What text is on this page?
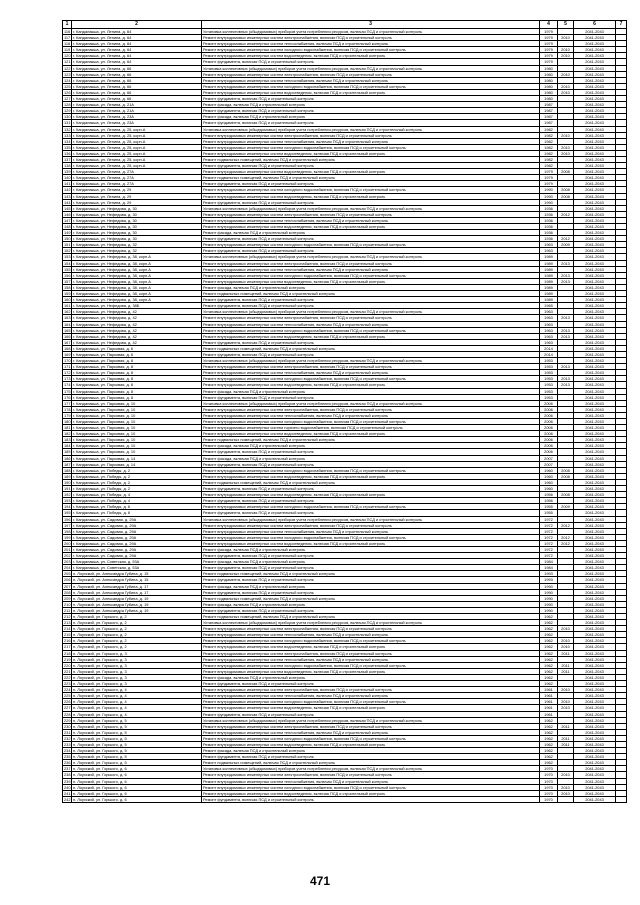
1	2	3	4	5	6	7
116	г. Кандалакша, ул. Ленина, д. 64	Установка коллективных (общедомовых) приборов учета потребления ресурсов, включая ПСД и строительный контроль	1979		2041-2043	
117	г. Кандалакша, ул. Ленина, д. 64	Ремонт внутридомовых инженерных систем электроснабжения, включая ПСД и строительный контроль	1979	2010	2041-2043	
118	г. Кандалакша, ул. Ленина, д. 64	Ремонт внутридомовых инженерных систем теплоснабжения, включая ПСД и строительный контроль	1979		2041-2043	
119	г. Кандалакша, ул. Ленина, д. 64	Ремонт внутридомовых инженерных систем холодного водоснабжения, включая ПСД и строительный контроль	1979	2010	2041-2043	
120	г. Кандалакша, ул. Ленина, д. 64	Ремонт внутридомовых инженерных систем водоотведения, включая ПСД и строительный контроль	1979	2010	2041-2043	
121	г. Кандалакша, ул. Ленина, д. 64	Ремонт фундамента, включая ПСД и строительный контроль	1979		2041-2043	
122	г. Кандалакша, ул. Ленина, д. 66	Установка коллективных (общедомовых) приборов учета потребления ресурсов, включая ПСД и строительный контроль	1980		2041-2043	
123	г. Кандалакша, ул. Ленина, д. 66	Ремонт внутридомовых инженерных систем электроснабжения, включая ПСД и строительный контроль	1980	2010	2041-2043	
124	г. Кандалакша, ул. Ленина, д. 66	Ремонт внутридомовых инженерных систем теплоснабжения, включая ПСД и строительный контроль	1980		2041-2043	
125	г. Кандалакша, ул. Ленина, д. 66	Ремонт внутридомовых инженерных систем холодного водоснабжения, включая ПСД и строительный контроль	1980	2010	2041-2043	
126	г. Кандалакша, ул. Ленина, д. 66	Ремонт внутридомовых инженерных систем водоотведения, включая ПСД и строительный контроль	1980	2010	2041-2043	
127	г. Кандалакша, ул. Ленина, д. 66	Ремонт фундамента, включая ПСД и строительный контроль	1980		2041-2043	
128	г. Кандалакша, ул. Ленина, д. 21А	Ремонт фасада, включая ПСД и строительный контроль	1987		2041-2043	
129	г. Кандалакша, ул. Ленина, д. 21А	Ремонт фундамента, включая ПСД и строительный контроль	1987		2041-2043	
130	г. Кандалакша, ул. Ленина, д. 23А	Ремонт фасада, включая ПСД и строительный контроль	1987		2041-2043	
131	г. Кандалакша, ул. Ленина, д. 23А	Ремонт фундамента, включая ПСД и строительный контроль	1987		2041-2043	
132	г. Кандалакша, ул. Ленина, д. 25, корп.А	Установка коллективных (общедомовых) приборов учета потребления ресурсов, включая ПСД и строительный контроль	1982		2041-2043	
133	г. Кандалакша, ул. Ленина, д. 25, корп.А	Ремонт внутридомовых инженерных систем электроснабжения, включая ПСД и строительный контроль	1982	2010	2041-2043	
134	г. Кандалакша, ул. Ленина, д. 25, корп.А	Ремонт внутридомовых инженерных систем теплоснабжения, включая ПСД и строительный контроль	1982		2041-2043	
135	г. Кандалакша, ул. Ленина, д. 25, корп.А	Ремонт внутридомовых инженерных систем холодного водоснабжения, включая ПСД и строительный контроль	1982	2010	2041-2043	
136	г. Кандалакша, ул. Ленина, д. 25, корп.А	Ремонт внутридомовых инженерных систем водоотведения, включая ПСД и строительный контроль	1982	2010	2041-2043	
137	г. Кандалакша, ул. Ленина, д. 25, корп.А	Ремонт подвальных помещений, включая ПСД и строительный контроль	1982		2041-2043	
138	г. Кандалакша, ул. Ленина, д. 25, корп.А	Ремонт фундамента, включая ПСД и строительный контроль	1982		2041-2043	
139	г. Кандалакша, ул. Ленина, д. 27А	Ремонт внутридомовых инженерных систем водоотведения, включая ПСД и строительный контроль	1979	2008	2041-2043	
140	г. Кандалакша, ул. Ленина, д. 27А	Ремонт подвальных помещений, включая ПСД и строительный контроль	1979		2041-2043	
141	г. Кандалакша, ул. Ленина, д. 27А	Ремонт фундамента, включая ПСД и строительный контроль	1979		2041-2043	
142	г. Кандалакша, ул. Ленина, д. 29	Ремонт внутридомовых инженерных систем холодного водоснабжения, включая ПСД и строительный контроль	1990	2008	2041-2043	
143	г. Кандалакша, ул. Ленина, д. 29	Ремонт внутридомовых инженерных систем водоотведения, включая ПСД и строительный контроль	1990	2008	2041-2043	
144	г. Кандалакша, ул. Ленина, д. 29	Ремонт фундамента, включая ПСД и строительный контроль	1990		2041-2043	
145	г. Кандалакша, ул. Нефедова, д. 30	Установка коллективных (общедомовых) приборов учета потребления ресурсов, включая ПСД и строительный контроль	1936		2041-2043	
146	г. Кандалакша, ул. Нефедова, д. 30	Ремонт внутридомовых инженерных систем электроснабжения, включая ПСД и строительный контроль	1936	2012	2041-2043	
147	г. Кандалакша, ул. Нефедова, д. 30	Ремонт внутридомовых инженерных систем теплоснабжения, включая ПСД и строительный контроль	1936		2041-2043	
148	г. Кандалакша, ул. Нефедова, д. 30	Ремонт внутридомовых инженерных систем водоотведения, включая ПСД и строительный контроль	1936		2041-2043	
149	г. Кандалакша, ул. Нефедова, д. 30	Ремонт фасада, включая ПСД и строительный контроль	1936		2041-2043	
150	г. Кандалакша, ул. Нефедова, д. 30	Ремонт фундамента, включая ПСД и строительный контроль	1936	2012	2041-2043	
151	г. Кандалакша, ул. Нефедова, д. 32	Ремонт внутридомовых инженерных систем холодного водоснабжения, включая ПСД и строительный контроль	1963	2009	2041-2043	
152	г. Кандалакша, ул. Нефедова, д. 32	Ремонт фундамента, включая ПСД и строительный контроль	1963		2041-2043	
153	г. Кандалакша, ул. Нефедова, д. 38, корп.А	Установка коллективных (общедомовых) приборов учета потребления ресурсов, включая ПСД и строительный контроль	1989		2041-2043	
154	г. Кандалакша, ул. Нефедова, д. 38, корп.А	Ремонт внутридомовых инженерных систем электроснабжения, включая ПСД и строительный контроль	1989	2013	2041-2043	
155	г. Кандалакша, ул. Нефедова, д. 38, корп.А	Ремонт внутридомовых инженерных систем теплоснабжения, включая ПСД и строительный контроль	1989		2041-2043	
156	г. Кандалакша, ул. Нефедова, д. 38, корп.А	Ремонт внутридомовых инженерных систем холодного водоснабжения, включая ПСД и строительный контроль	1989	2013	2041-2043	
157	г. Кандалакша, ул. Нефедова, д. 38, корп.А	Ремонт внутридомовых инженерных систем водоотведения, включая ПСД и строительный контроль	1989	2013	2041-2043	
158	г. Кандалакша, ул. Нефедова, д. 38, корп.А	Ремонт фасада, включая ПСД и строительный контроль	1989		2041-2043	
159	г. Кандалакша, ул. Нефедова, д. 38, корп.А	Ремонт подвальных помещений, включая ПСД и строительный контроль	1989		2041-2043	
160	г. Кандалакша, ул. Нефедова, д. 38, корп.А	Ремонт фундамента, включая ПСД и строительный контроль	1989		2041-2043	
161	г. Кандалакша, ул. Нефедова, д. 38Б	Ремонт фундамента, включая ПСД и строительный контроль	1965		2041-2043	
162	г. Кандалакша, ул. Нефедова, д. 42	Установка коллективных (общедомовых) приборов учета потребления ресурсов, включая ПСД и строительный контроль	1963		2041-2043	
163	г. Кандалакша, ул. Нефедова, д. 42	Ремонт внутридомовых инженерных систем электроснабжения, включая ПСД и строительный контроль	1963	2013	2041-2043	
164	г. Кандалакша, ул. Нефедова, д. 42	Ремонт внутридомовых инженерных систем теплоснабжения, включая ПСД и строительный контроль	1963		2041-2043	
165	г. Кандалакша, ул. Нефедова, д. 42	Ремонт внутридомовых инженерных систем холодного водоснабжения, включая ПСД и строительный контроль	1963	2013	2041-2043	
166	г. Кандалакша, ул. Нефедова, д. 42	Ремонт внутридомовых инженерных систем водоотведения, включая ПСД и строительный контроль	1963	2013	2041-2043	
167	г. Кандалакша, ул. Нефедова, д. 42	Ремонт фундамента, включая ПСД и строительный контроль	1963		2041-2043	
168	г. Кандалакша, ул. Парковая, д. 6	Ремонт подвальных помещений, включая ПСД и строительный контроль	2014		2041-2043	
169	г. Кандалакша, ул. Парковая, д. 6	Ремонт фундамента, включая ПСД и строительный контроль	2014		2041-2043	
170	г. Кандалакша, ул. Парковая, д. 8	Установка коллективных (общедомовых) приборов учета потребления ресурсов, включая ПСД и строительный контроль	1953		2041-2043	
171	г. Кандалакша, ул. Парковая, д. 8	Ремонт внутридомовых инженерных систем электроснабжения, включая ПСД и строительный контроль	1953	2013	2041-2043	
172	г. Кандалакша, ул. Парковая, д. 8	Ремонт внутридомовых инженерных систем теплоснабжения, включая ПСД и строительный контроль	1953		2041-2043	
173	г. Кандалакша, ул. Парковая, д. 8	Ремонт внутридомовых инженерных систем холодного водоснабжения, включая ПСД и строительный контроль	1953	2013	2041-2043	
174	г. Кандалакша, ул. Парковая, д. 8	Ремонт внутридомовых инженерных систем водоотведения, включая ПСД и строительный контроль	1953	2013	2041-2043	
175	г. Кандалакша, ул. Парковая, д. 8	Ремонт фасада, включая ПСД и строительный контроль	1953		2041-2043	
176	г. Кандалакша, ул. Парковая, д. 8	Ремонт фундамента, включая ПСД и строительный контроль	1953		2041-2043	
177	г. Кандалакша, ул. Парковая, д. 10	Установка коллективных (общедомовых) приборов учета потребления ресурсов, включая ПСД и строительный контроль	2006		2041-2043	
178	г. Кандалакша, ул. Парковая, д. 10	Ремонт внутридомовых инженерных систем электроснабжения, включая ПСД и строительный контроль	2006		2041-2043	
179	г. Кандалакша, ул. Парковая, д. 10	Ремонт внутридомовых инженерных систем теплоснабжения, включая ПСД и строительный контроль	2006		2041-2043	
180	г. Кандалакша, ул. Парковая, д. 10	Ремонт внутридомовых инженерных систем холодного водоснабжения, включая ПСД и строительный контроль	2006		2041-2043	
181	г. Кандалакша, ул. Парковая, д. 10	Ремонт внутридомовых инженерных систем горячего водоснабжения, включая ПСД и строительный контроль	2006		2041-2043	
182	г. Кандалакша, ул. Парковая, д. 10	Ремонт внутридомовых инженерных систем водоотведения, включая ПСД и строительный контроль	2006		2041-2043	
183	г. Кандалакша, ул. Парковая, д. 10	Ремонт подвальных помещений, включая ПСД и строительный контроль	2006		2041-2043	
184	г. Кандалакша, ул. Парковая, д. 10	Ремонт фасада, включая ПСД и строительный контроль	2006		2041-2043	
185	г. Кандалакша, ул. Парковая, д. 10	Ремонт фундамента, включая ПСД и строительный контроль	2006		2041-2043	
186	г. Кандалакша, ул. Парковая, д. 14	Ремонт фасада, включая ПСД и строительный контроль	2007		2041-2043	
187	г. Кандалакша, ул. Парковая, д. 14	Ремонт фундамента, включая ПСД и строительный контроль	2007		2041-2043	
188	г. Кандалакша, ул. Победы, д. 2	Ремонт внутридомовых инженерных систем холодного водоснабжения, включая ПСД и строительный контроль	1960	2008	2041-2043	
189	г. Кандалакша, ул. Победы, д. 2	Ремонт внутридомовых инженерных систем водоотведения, включая ПСД и строительный контроль	1960	2008	2041-2043	
190	г. Кандалакша, ул. Победы, д. 2	Ремонт подвальных помещений, включая ПСД и строительный контроль	1960		2041-2043	
191	г. Кандалакша, ул. Победы, д. 2	Ремонт фундамента, включая ПСД и строительный контроль	1960		2041-2043	
192	г. Кандалакша, ул. Победы, д. 4	Ремонт внутридомовых инженерных систем водоотведения, включая ПСД и строительный контроль	1956	2008	2041-2043	
193	г. Кандалакша, ул. Победы, д. 4	Ремонт фундамента, включая ПСД и строительный контроль	1956		2041-2043	
194	г. Кандалакша, ул. Победы, д. 6	Ремонт внутридомовых инженерных систем холодного водоснабжения, включая ПСД и строительный контроль	1955	2009	2041-2043	
195	г. Кандалакша, ул. Победы, д. 6	Ремонт фундамента, включая ПСД и строительный контроль	1955		2041-2043	
196	г. Кандалакша, ул. Садовая, д. 29А	Установка коллективных (общедомовых) приборов учета потребления ресурсов, включая ПСД и строительный контроль	1972		2041-2043	
197	г. Кандалакша, ул. Садовая, д. 29А	Ремонт внутридомовых инженерных систем электроснабжения, включая ПСД и строительный контроль	1972	2012	2041-2043	
198	г. Кандалакша, ул. Садовая, д. 29А	Ремонт внутридомовых инженерных систем теплоснабжения, включая ПСД и строительный контроль	1972		2041-2043	
199	г. Кандалакша, ул. Садовая, д. 29А	Ремонт внутридомовых инженерных систем холодного водоснабжения, включая ПСД и строительный контроль	1972	2012	2041-2043	
200	г. Кандалакша, ул. Садовая, д. 29А	Ремонт внутридомовых инженерных систем водоотведения, включая ПСД и строительный контроль	1972	2012	2041-2043	
201	г. Кандалакша, ул. Садовая, д. 29А	Ремонт фасада, включая ПСД и строительный контроль	1972		2041-2043	
202	г. Кандалакша, ул. Садовая, д. 29А	Ремонт фундамента, включая ПСД и строительный контроль	1972		2041-2043	
203	г. Кандалакша, ул. Советская, д. 53А	Ремонт фасада, включая ПСД и строительный контроль	1984		2041-2043	
204	г. Кандалакша, ул. Советская, д. 53А	Ремонт фундамента, включая ПСД и строительный контроль	1984		2041-2043	
205	п. Лоухский, ул. Александра Губина, д. 15	Ремонт подвальных помещений, включая ПСД и строительный контроль	1993		2041-2043	
206	п. Лоухский, ул. Александра Губина, д. 15	Ремонт фундамента, включая ПСД и строительный контроль	1993		2041-2043	
207	п. Лоухский, ул. Александра Губина, д. 17	Ремонт фасада, включая ПСД и строительный контроль	1990		2041-2043	
208	п. Лоухский, ул. Александра Губина, д. 17	Ремонт фундамента, включая ПСД и строительный контроль	1990		2041-2043	
209	п. Лоухский, ул. Александра Губина, д. 19	Ремонт подвальных помещений, включая ПСД и строительный контроль	1990		2041-2043	
210	п. Лоухский, ул. Александра Губина, д. 19	Ремонт фасада, включая ПСД и строительный контроль	1990		2041-2043	
211	п. Лоухский, ул. Александра Губина, д. 19	Ремонт фундамента, включая ПСД и строительный контроль	1990		2041-2043	
212	п. Лоухский, ул. Горького, д. 2	Ремонт подвальных помещений, включая ПСД и строительный контроль	1962		2041-2043	
213	п. Лоухский, ул. Горького, д. 2	Установка коллективных (общедомовых) приборов учета потребления ресурсов, включая ПСД и строительный контроль	1962		2041-2043	
214	п. Лоухский, ул. Горького, д. 2	Ремонт внутридомовых инженерных систем электроснабжения, включая ПСД и строительный контроль	1962	2010	2041-2043	
215	п. Лоухский, ул. Горького, д. 2	Ремонт внутридомовых инженерных систем теплоснабжения, включая ПСД и строительный контроль	1962		2041-2043	
216	п. Лоухский, ул. Горького, д. 2	Ремонт внутридомовых инженерных систем холодного водоснабжения, включая ПСД и строительный контроль	1962	2010	2041-2043	
217	п. Лоухский, ул. Горького, д. 2	Ремонт внутридомовых инженерных систем водоотведения, включая ПСД и строительный контроль	1962	2010	2041-2043	
218	п. Лоухский, ул. Горького, д. 3	Ремонт внутридомовых инженерных систем электроснабжения, включая ПСД и строительный контроль	1962	2011	2041-2043	
219	п. Лоухский, ул. Горького, д. 3	Ремонт внутридомовых инженерных систем теплоснабжения, включая ПСД и строительный контроль	1962		2041-2043	
220	п. Лоухский, ул. Горького, д. 3	Ремонт внутридомовых инженерных систем холодного водоснабжения, включая ПСД и строительный контроль	1962	2011	2041-2043	
221	п. Лоухский, ул. Горького, д. 3	Ремонт внутридомовых инженерных систем водоотведения, включая ПСД и строительный контроль	1962	2011	2041-2043	
222	п. Лоухский, ул. Горького, д. 3	Ремонт фасада, включая ПСД и строительный контроль	1962		2041-2043	
223	п. Лоухский, ул. Горького, д. 3	Ремонт фундамента, включая ПСД и строительный контроль	1962		2041-2043	
224	п. Лоухский, ул. Горького, д. 4	Ремонт внутридомовых инженерных систем электроснабжения, включая ПСД и строительный контроль	1961	2010	2041-2043	
225	п. Лоухский, ул. Горького, д. 4	Ремонт внутридомовых инженерных систем теплоснабжения, включая ПСД и строительный контроль	1961		2041-2043	
226	п. Лоухский, ул. Горького, д. 4	Ремонт внутридомовых инженерных систем холодного водоснабжения, включая ПСД и строительный контроль	1961	2010	2041-2043	
227	п. Лоухский, ул. Горького, д. 4	Ремонт внутридомовых инженерных систем водоотведения, включая ПСД и строительный контроль	1961	2010	2041-2043	
228	п. Лоухский, ул. Горького, д. 4	Ремонт фундамента, включая ПСД и строительный контроль	1961		2041-2043	
229	п. Лоухский, ул. Горького, д. 5	Установка коллективных (общедомовых) приборов учета потребления ресурсов, включая ПСД и строительный контроль	1962		2041-2043	
230	п. Лоухский, ул. Горького, д. 5	Ремонт внутридомовых инженерных систем электроснабжения, включая ПСД и строительный контроль	1962	2011	2041-2043	
231	п. Лоухский, ул. Горького, д. 5	Ремонт внутридомовых инженерных систем теплоснабжения, включая ПСД и строительный контроль	1962		2041-2043	
232	п. Лоухский, ул. Горького, д. 5	Ремонт внутридомовых инженерных систем холодного водоснабжения, включая ПСД и строительный контроль	1962	2011	2041-2043	
233	п. Лоухский, ул. Горького, д. 5	Ремонт внутридомовых инженерных систем водоотведения, включая ПСД и строительный контроль	1962	2011	2041-2043	
234	п. Лоухский, ул. Горького, д. 5	Ремонт фасада, включая ПСД и строительный контроль	1962		2041-2043	
235	п. Лоухский, ул. Горького, д. 5	Ремонт фундамента, включая ПСД и строительный контроль	1962		2041-2043	
236	п. Лоухский, ул. Горького, д. 5	Ремонт подвальных помещений, включая ПСД и строительный контроль	1962		2041-2043	
237	п. Лоухский, ул. Горького, д. 6	Установка коллективных (общедомовых) приборов учета потребления ресурсов, включая ПСД и строительный контроль	1970		2041-2043	
238	п. Лоухский, ул. Горького, д. 6	Ремонт внутридомовых инженерных систем электроснабжения, включая ПСД и строительный контроль	1970	2010	2041-2043	
239	п. Лоухский, ул. Горького, д. 6	Ремонт внутридомовых инженерных систем теплоснабжения, включая ПСД и строительный контроль	1970		2041-2043	
240	п. Лоухский, ул. Горького, д. 6	Ремонт внутридомовых инженерных систем холодного водоснабжения, включая ПСД и строительный контроль	1970	2010	2041-2043	
241	п. Лоухский, ул. Горького, д. 6	Ремонт внутридомовых инженерных систем водоотведения, включая ПСД и строительный контроль	1970	2010	2041-2043	
242	п. Лоухский, ул. Горького, д. 6	Ремонт фундамента, включая ПСД и строительный контроль	1970		2041-2043	
471
